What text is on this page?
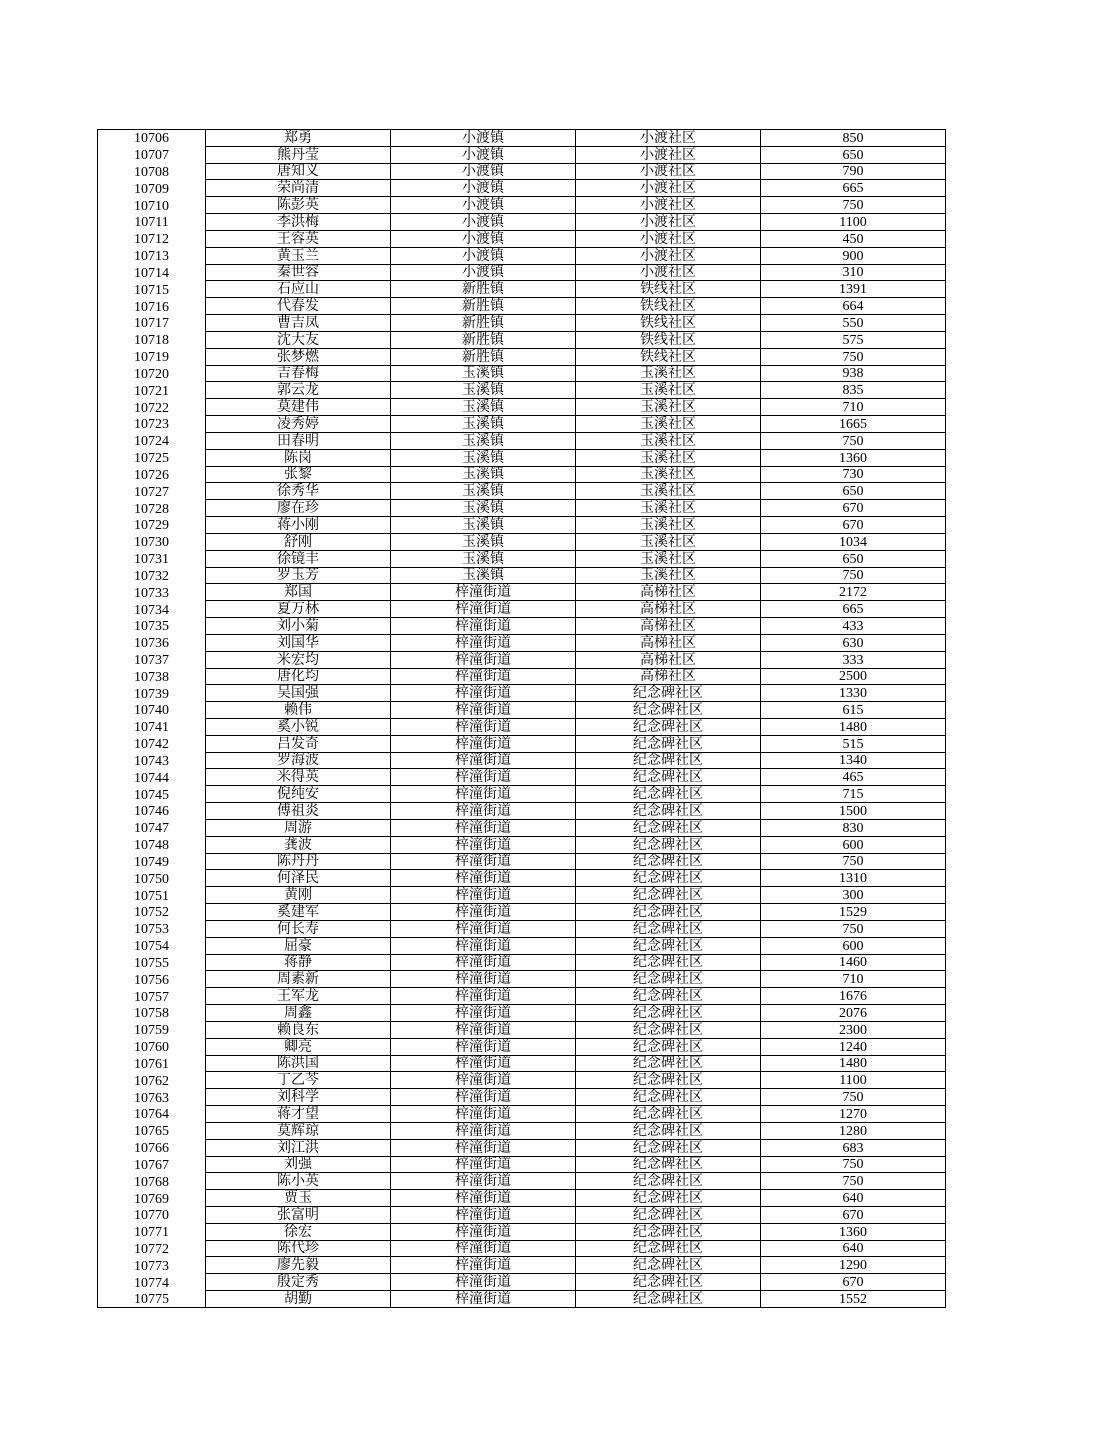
10706	郑勇	小渡镇	小渡社区	850
10707	熊丹莹	小渡镇	小渡社区	650
10708	唐知义	小渡镇	小渡社区	790
10709	荣尚清	小渡镇	小渡社区	665
10710	陈彭英	小渡镇	小渡社区	750
10711	李洪梅	小渡镇	小渡社区	1100
10712	王容英	小渡镇	小渡社区	450
10713	黄玉兰	小渡镇	小渡社区	900
10714	秦世容	小渡镇	小渡社区	310
10715	石应山	新胜镇	铁线社区	1391
10716	代春发	新胜镇	铁线社区	664
10717	曹吉凤	新胜镇	铁线社区	550
10718	沈大友	新胜镇	铁线社区	575
10719	张梦燃	新胜镇	铁线社区	750
10720	吉春梅	玉溪镇	玉溪社区	938
10721	郭云龙	玉溪镇	玉溪社区	835
10722	莫建伟	玉溪镇	玉溪社区	710
10723	凌秀婷	玉溪镇	玉溪社区	1665
10724	田春明	玉溪镇	玉溪社区	750
10725	陈岗	玉溪镇	玉溪社区	1360
10726	张黎	玉溪镇	玉溪社区	730
10727	徐秀华	玉溪镇	玉溪社区	650
10728	廖在珍	玉溪镇	玉溪社区	670
10729	蒋小刚	玉溪镇	玉溪社区	670
10730	舒刚	玉溪镇	玉溪社区	1034
10731	徐镜丰	玉溪镇	玉溪社区	650
10732	罗玉芳	玉溪镇	玉溪社区	750
10733	郑国	梓潼街道	高梯社区	2172
10734	夏万林	梓潼街道	高梯社区	665
10735	刘小菊	梓潼街道	高梯社区	433
10736	刘国华	梓潼街道	高梯社区	630
10737	米宏均	梓潼街道	高梯社区	333
10738	唐化均	梓潼街道	高梯社区	2500
10739	吴国强	梓潼街道	纪念碑社区	1330
10740	赖伟	梓潼街道	纪念碑社区	615
10741	奚小锐	梓潼街道	纪念碑社区	1480
10742	吕发奇	梓潼街道	纪念碑社区	515
10743	罗海波	梓潼街道	纪念碑社区	1340
10744	米得英	梓潼街道	纪念碑社区	465
10745	倪纯安	梓潼街道	纪念碑社区	715
10746	傅祖炎	梓潼街道	纪念碑社区	1500
10747	周游	梓潼街道	纪念碑社区	830
10748	龚波	梓潼街道	纪念碑社区	600
10749	陈丹丹	梓潼街道	纪念碑社区	750
10750	何泽民	梓潼街道	纪念碑社区	1310
10751	黄刚	梓潼街道	纪念碑社区	300
10752	奚建军	梓潼街道	纪念碑社区	1529
10753	何长寿	梓潼街道	纪念碑社区	750
10754	屈豪	梓潼街道	纪念碑社区	600
10755	蒋静	梓潼街道	纪念碑社区	1460
10756	周素新	梓潼街道	纪念碑社区	710
10757	王军龙	梓潼街道	纪念碑社区	1676
10758	周鑫	梓潼街道	纪念碑社区	2076
10759	赖良东	梓潼街道	纪念碑社区	2300
10760	卿亮	梓潼街道	纪念碑社区	1240
10761	陈洪国	梓潼街道	纪念碑社区	1480
10762	丁乙芩	梓潼街道	纪念碑社区	1100
10763	刘科学	梓潼街道	纪念碑社区	750
10764	蒋才望	梓潼街道	纪念碑社区	1270
10765	莫辉琼	梓潼街道	纪念碑社区	1280
10766	刘江洪	梓潼街道	纪念碑社区	683
10767	刘强	梓潼街道	纪念碑社区	750
10768	陈小英	梓潼街道	纪念碑社区	750
10769	贾玉	梓潼街道	纪念碑社区	640
10770	张富明	梓潼街道	纪念碑社区	670
10771	徐宏	梓潼街道	纪念碑社区	1360
10772	陈代珍	梓潼街道	纪念碑社区	640
10773	廖先毅	梓潼街道	纪念碑社区	1290
10774	殷定秀	梓潼街道	纪念碑社区	670
10775	胡勤	梓潼街道	纪念碑社区	1552
